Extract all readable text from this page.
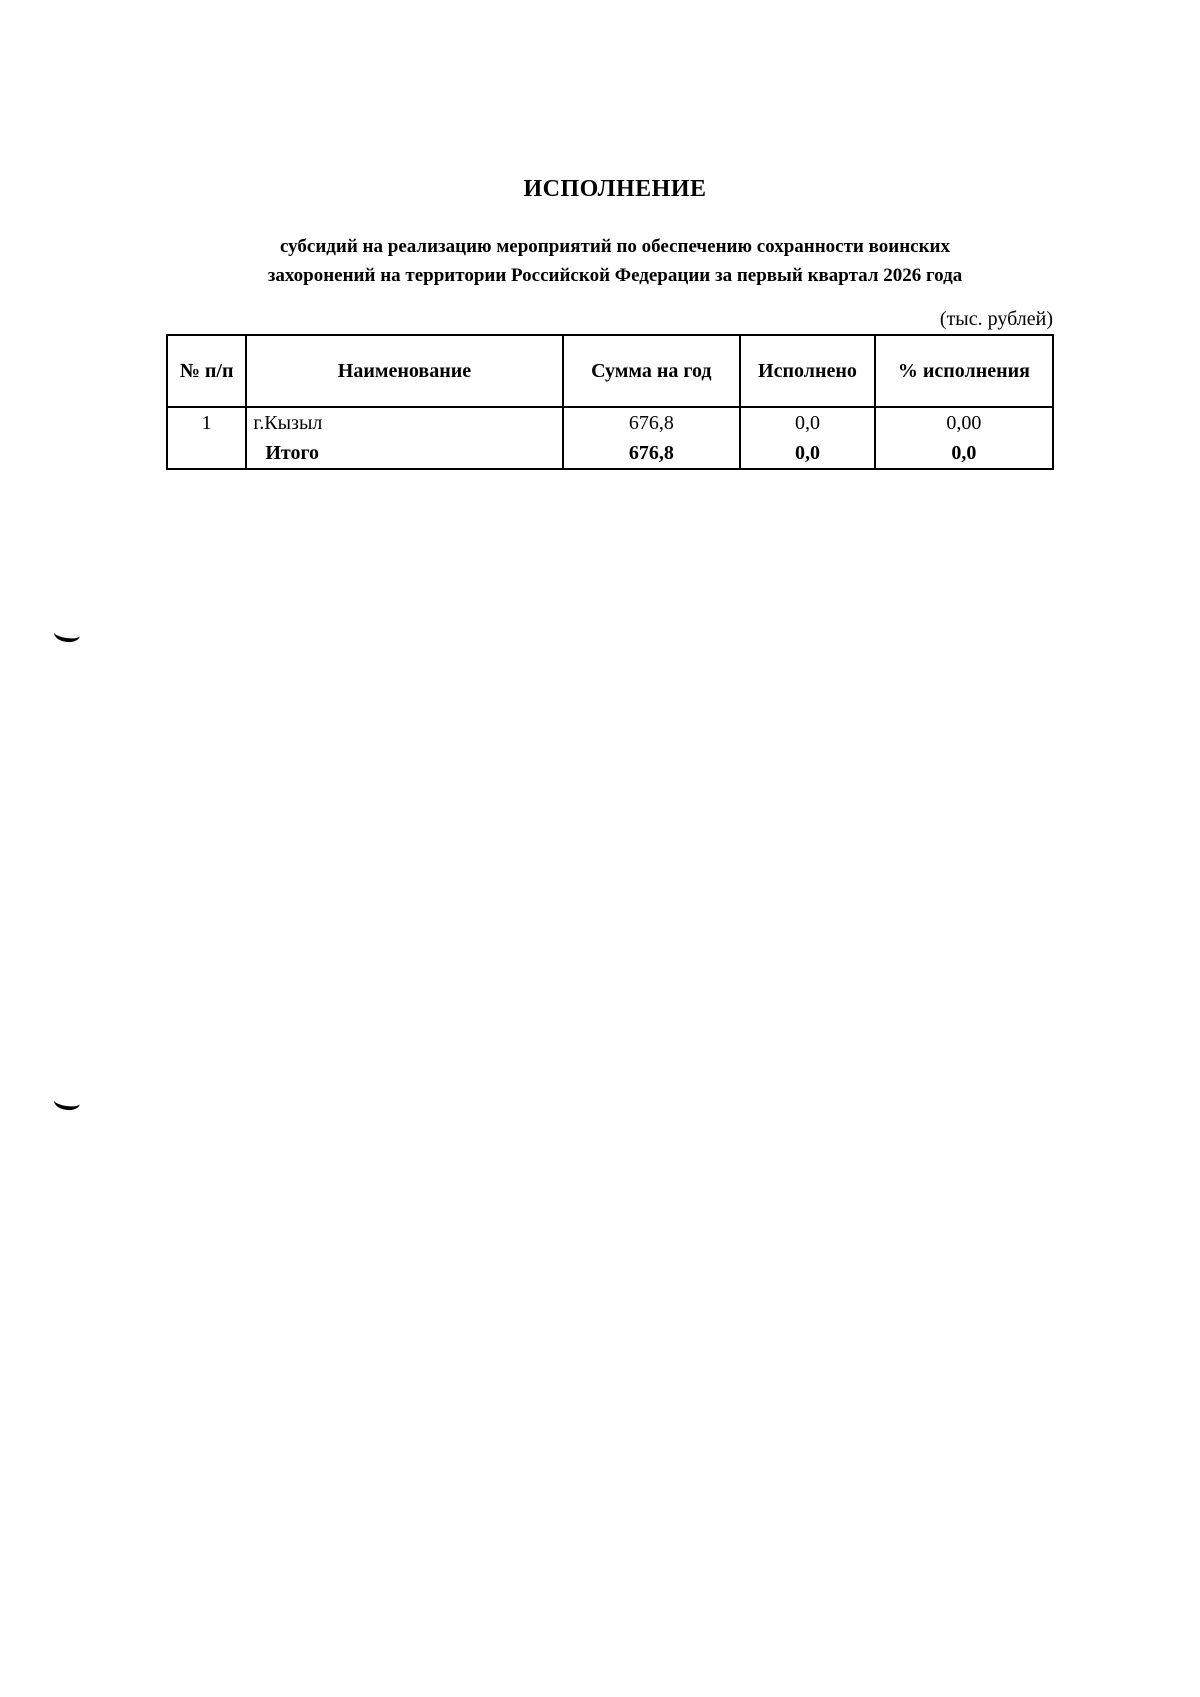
ИСПОЛНЕНИЕ
субсидий на реализацию мероприятий по обеспечению сохранности воинских
захоронений на территории Российской Федерации за первый квартал 2026 года
(тыс. рублей)
№ п/п	Наименование	Сумма на год	Исполнено	% исполнения
1	г.Кызыл	676,8	0,0	0,00
	Итого	676,8	0,0	0,0
